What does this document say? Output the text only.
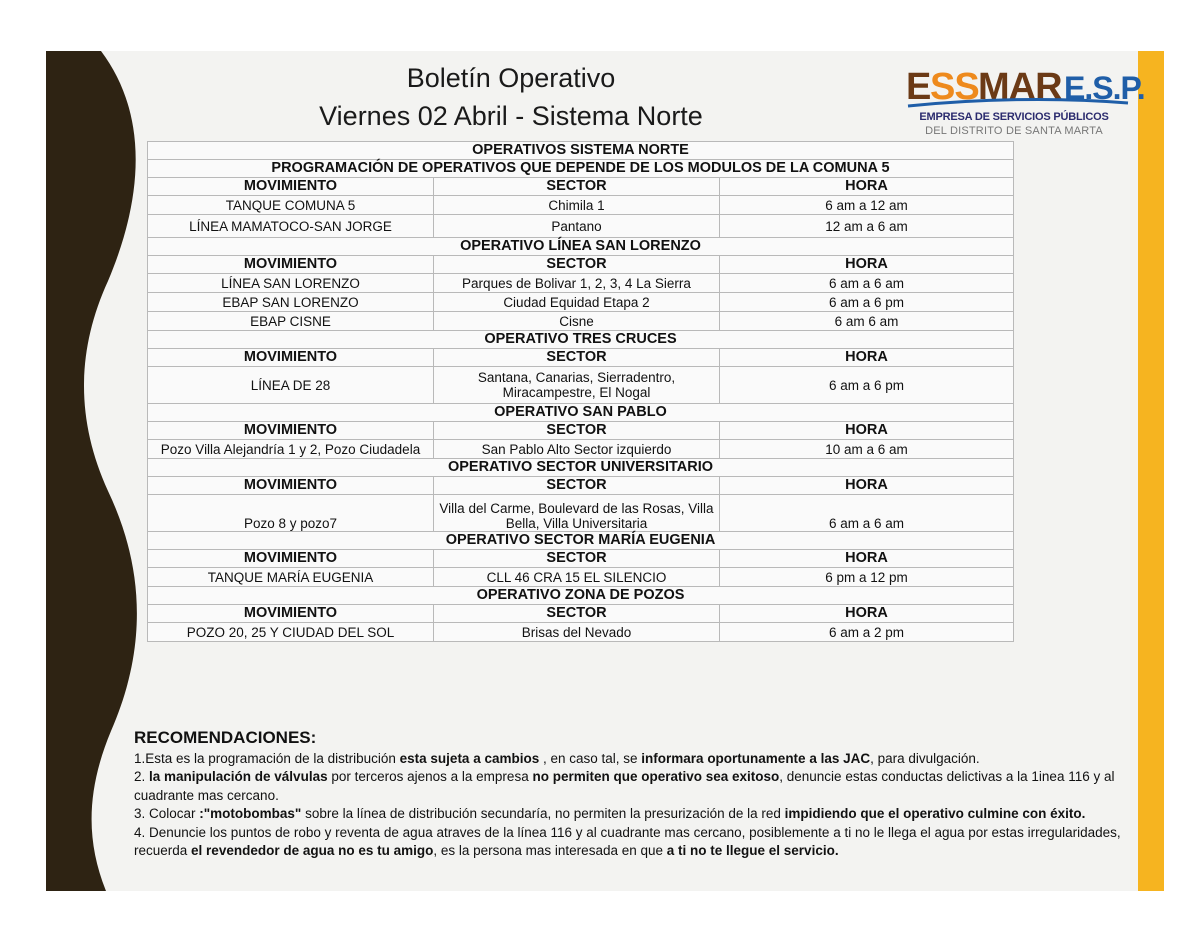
Boletín Operativo
Viernes 02 Abril - Sistema Norte
E SS MAR E.S.P.
EMPRESA DE SERVICIOS PÚBLICOS
DEL DISTRITO DE SANTA MARTA
OPERATIVOS SISTEMA NORTE		
PROGRAMACIÓN DE OPERATIVOS QUE DEPENDE DE LOS MODULOS DE LA COMUNA 5		
MOVIMIENTO	SECTOR	HORA
TANQUE COMUNA 5	Chimila 1	6 am a 12 am
LÍNEA MAMATOCO-SAN JORGE	Pantano	12 am a 6 am
OPERATIVO LÍNEA SAN LORENZO		
MOVIMIENTO	SECTOR	HORA
LÍNEA SAN LORENZO	Parques de Bolivar 1, 2, 3, 4 La Sierra	6 am a 6 am
EBAP SAN LORENZO	Ciudad Equidad Etapa 2	6 am a 6 pm
EBAP CISNE	Cisne	6 am 6 am
OPERATIVO TRES CRUCES		
MOVIMIENTO	SECTOR	HORA
LÍNEA DE 28	Santana, Canarias, Sierradentro, Miracampestre, El Nogal	6 am a 6 pm
OPERATIVO SAN PABLO		
MOVIMIENTO	SECTOR	HORA
Pozo Villa Alejandría 1 y 2, Pozo Ciudadela	San Pablo Alto Sector izquierdo	10 am a 6 am
OPERATIVO SECTOR UNIVERSITARIO		
MOVIMIENTO	SECTOR	HORA
Pozo 8 y pozo7	Villa del Carme, Boulevard de las Rosas, Villa Bella, Villa Universitaria	6 am a 6 am
OPERATIVO SECTOR MARÍA EUGENIA		
MOVIMIENTO	SECTOR	HORA
TANQUE MARÍA EUGENIA	CLL 46 CRA 15 EL SILENCIO	6 pm a 12 pm
OPERATIVO ZONA DE POZOS		
MOVIMIENTO	SECTOR	HORA
POZO 20, 25 Y CIUDAD DEL SOL	Brisas del Nevado	6 am a 2 pm
RECOMENDACIONES:

1.Esta es la programación de la distribución esta sujeta a cambios , en caso tal, se informara oportunamente a las JAC, para divulgación.

2. la manipulación de válvulas por terceros ajenos a la empresa no permiten que operativo sea exitoso, denuncie estas conductas delictivas a la 1inea 116 y al cuadrante mas cercano.

3. Colocar :"motobombas" sobre la línea de distribución secundaría, no permiten la presurización de la red impidiendo que el operativo culmine con éxito.

4. Denuncie los puntos de robo y reventa de agua atraves de la línea 116 y al cuadrante mas cercano, posiblemente a ti no le llega el agua por estas irregularidades, recuerda el revendedor de agua no es tu amigo, es la persona mas interesada en que a ti no te llegue el servicio.
